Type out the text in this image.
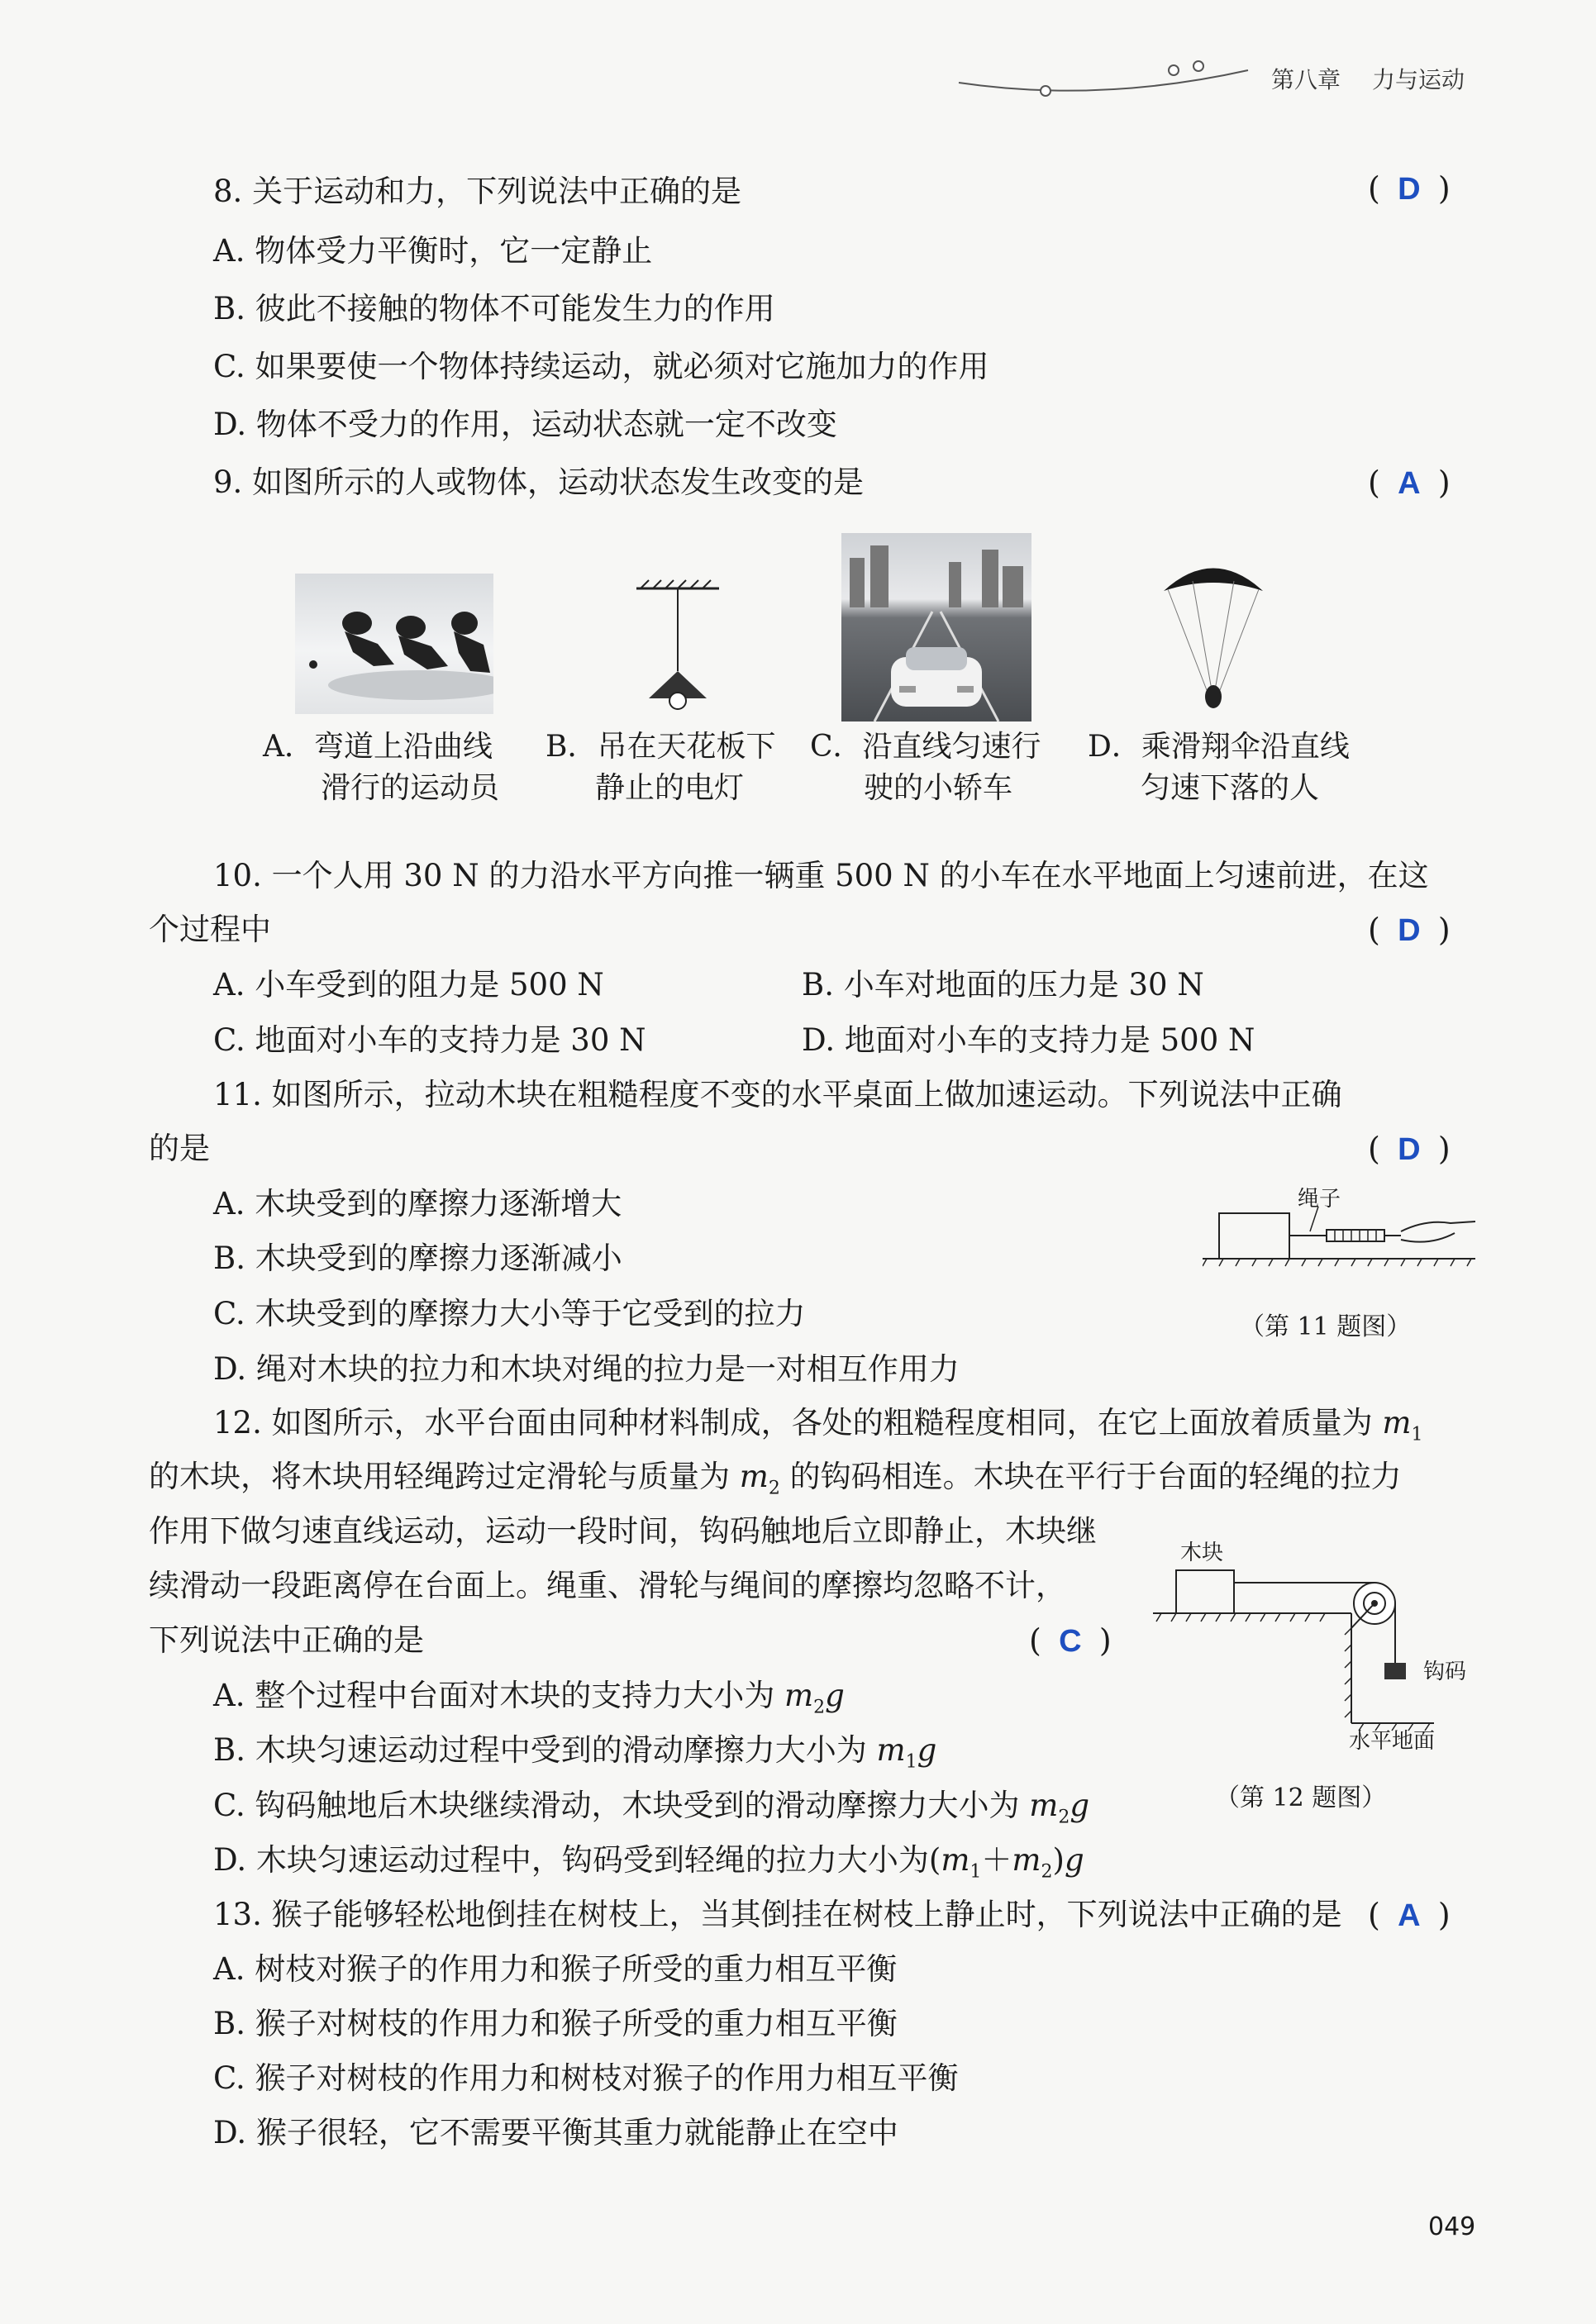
第八章 力与运动
8. 关于运动和力，下列说法中正确的是	( D )
A. 物体受力平衡时，它一定静止
B. 彼此不接触的物体不可能发生力的作用
C. 如果要使一个物体持续运动，就必须对它施加力的作用
D. 物体不受力的作用，运动状态就一定不改变
9. 如图所示的人或物体，运动状态发生改变的是	( A )
A．弯道上沿曲线
滑行的运动员
B．吊在天花板下
静止的电灯
C．沿直线匀速行
驶的小轿车
D．乘滑翔伞沿直线
匀速下落的人
10. 一个人用 30 N 的力沿水平方向推一辆重 500 N 的小车在水平地面上匀速前进，在这
个过程中	( D )
A. 小车受到的阻力是 500 N	B. 小车对地面的压力是 30 N
C. 地面对小车的支持力是 30 N	D. 地面对小车的支持力是 500 N
11. 如图所示，拉动木块在粗糙程度不变的水平桌面上做加速运动。下列说法中正确
的是	( D )
A. 木块受到的摩擦力逐渐增大
B. 木块受到的摩擦力逐渐减小
C. 木块受到的摩擦力大小等于它受到的拉力
D. 绳对木块的拉力和木块对绳的拉力是一对相互作用力
绳子
（第 11 题图）
12. 如图所示，水平台面由同种材料制成，各处的粗糙程度相同，在它上面放着质量为 $m_1$
的木块，将木块用轻绳跨过定滑轮与质量为 $m_2$ 的钩码相连。木块在平行于台面的轻绳的拉力
作用下做匀速直线运动，运动一段时间，钩码触地后立即静止，木块继
续滑动一段距离停在台面上。绳重、滑轮与绳间的摩擦均忽略不计，
下列说法中正确的是	( C )
A. 整个过程中台面对木块的支持力大小为 $m_2g$
B. 木块匀速运动过程中受到的滑动摩擦力大小为 $m_1g$
C. 钩码触地后木块继续滑动，木块受到的滑动摩擦力大小为 $m_2g$
D. 木块匀速运动过程中，钩码受到轻绳的拉力大小为$(m_1+m_2)g$
木块
钩码
水平地面
（第 12 题图）
13. 猴子能够轻松地倒挂在树枝上，当其倒挂在树枝上静止时，下列说法中正确的是 ( A )
A. 树枝对猴子的作用力和猴子所受的重力相互平衡
B. 猴子对树枝的作用力和猴子所受的重力相互平衡
C. 猴子对树枝的作用力和树枝对猴子的作用力相互平衡
D. 猴子很轻，它不需要平衡其重力就能静止在空中
049
